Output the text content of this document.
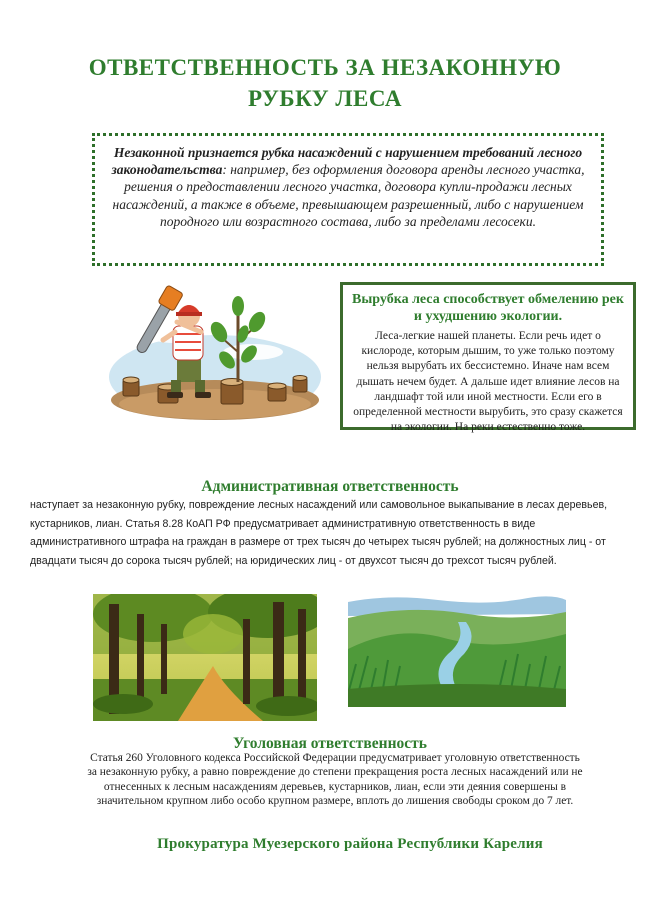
ОТВЕТСТВЕННОСТЬ ЗА НЕЗАКОННУЮ
РУБКУ ЛЕСА
Незаконной признается рубка насаждений с нарушением требований лесного законодательства: например, без оформления договора аренды лесного участка, решения о предоставлении лесного участка, договора купли-продажи лесных насаждений, а также в объеме, превышающем разрешенный, либо с нарушением породного или возрастного состава, либо за пределами лесосеки.
Вырубка леса способствует обмелению рек и ухудшению экологии.
Леса-легкие нашей планеты. Если речь идет о кислороде, которым дышим, то уже только поэтому нельзя вырубать их бессистемно. Иначе нам всем дышать нечем будет. А дальше идет влияние лесов на ландшафт той или иной местности. Если его в определенной местности вырубить, это сразу скажется на экологии. На реки естественно тоже.
Административная ответственность
наступает за незаконную рубку, повреждение лесных насаждений или самовольное выкапывание в лесах деревьев, кустарников, лиан. Статья 8.28 КоАП РФ предусматривает административную ответственность в виде административного штрафа на граждан в размере от трех тысяч до четырех тысяч рублей; на должностных лиц - от двадцати тысяч до сорока тысяч рублей; на юридических лиц - от двухсот тысяч до трехсот тысяч рублей.
Уголовная ответственность
Статья 260 Уголовного кодекса Российской Федерации предусматривает уголовную ответственность за незаконную рубку, а равно повреждение до степени прекращения роста лесных насаждений или не отнесенных к лесным насаждениям деревьев, кустарников, лиан, если эти деяния совершены в значительном крупном либо особо крупном размере, вплоть до лишения свободы сроком до 7 лет.
Прокуратура Муезерского района Республики Карелия
